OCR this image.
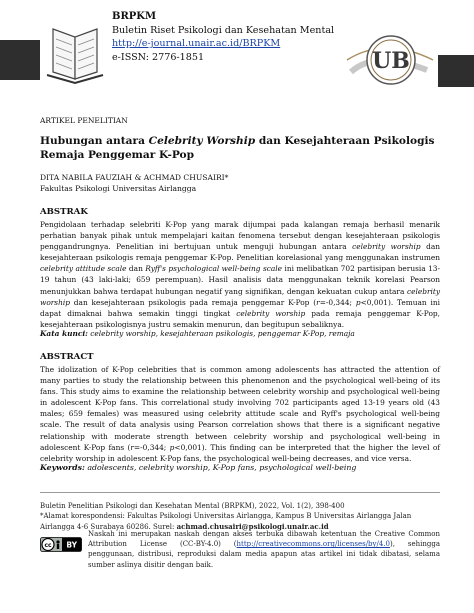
BRPKM
Buletin Riset Psikologi dan Kesehatan Mental
http://e-journal.unair.ac.id/BRPKM
e-ISSN: 2776-1851	UB
ARTIKEL PENELITIAN
Hubungan antara Celebrity Worship dan Kesejahteraan Psikologis Remaja Penggemar K-Pop
DITA NABILA FAUZIAH & ACHMAD CHUSAIRI*
Fakultas Psikologi Universitas Airlangga
ABSTRAK

Pengidolaan terhadap selebriti K-Pop yang marak dijumpai pada kalangan remaja berhasil menarik perhatian banyak pihak untuk mempelajari kaitan fenomena tersebut dengan kesejahteraan psikologis penggandrungnya. Penelitian ini bertujuan untuk menguji hubungan antara celebrity worship dan kesejahteraan psikologis remaja penggemar K-Pop. Penelitian korelasional yang menggunakan instrumen celebrity attitude scale dan Ryff's psychological well-being scale ini melibatkan 702 partisipan berusia 13-19 tahun (43 laki-laki; 659 perempuan). Hasil analisis data menggunakan teknik korelasi Pearson menunjukkan bahwa terdapat hubungan negatif yang signifikan, dengan kekuatan cukup antara celebrity worship dan kesejahteraan psikologis pada remaja penggemar K-Pop (r=-0,344; p<0,001). Temuan ini dapat dimaknai bahwa semakin tinggi tingkat celebrity worship pada remaja penggemar K-Pop, kesejahteraan psikologisnya justru semakin menurun, dan begitupun sebaliknya.

Kata kunci: celebrity worship, kesejahteraan psikologis, penggemar K-Pop, remaja
ABSTRACT

The idolization of K-Pop celebrities that is common among adolescents has attracted the attention of many parties to study the relationship between this phenomenon and the psychological well-being of its fans. This study aims to examine the relationship between celebrity worship and psychological well-being in adolescent K-Pop fans. This correlational study involving 702 participants aged 13-19 years old (43 males; 659 females) was measured using celebrity attitude scale and Ryff's psychological well-being scale. The result of data analysis using Pearson correlation shows that there is a significant negative relationship with moderate strength between celebrity worship and psychological well-being in adolescent K-Pop fans (r=-0,344; p<0,001). This finding can be interpreted that the higher the level of celebrity worship in adolescent K-Pop fans, the psychological well-being decreases, and vice versa.

Keywords: adolescents, celebrity worship, K-Pop fans, psychological well-being
Buletin Penelitian Psikologi dan Kesehatan Mental (BRPKM), 2022, Vol. 1(2), 398-400
*Alamat korespondensi: Fakultas Psikologi Universitas Airlangga, Kampus B Universitas Airlangga Jalan Airlangga 4-6 Surabaya 60286. Surel: achmad.chusairi@psikologi.unair.ac.id
cc BY
Naskah ini merupakan naskah dengan akses terbuka dibawah ketentuan the Creative Common Attribution License (CC-BY-4.0) (http://creativecommons.org/licenses/by/4.0), sehingga penggunaan, distribusi, reproduksi dalam media apapun atas artikel ini tidak dibatasi, selama sumber aslinya disitir dengan baik.
